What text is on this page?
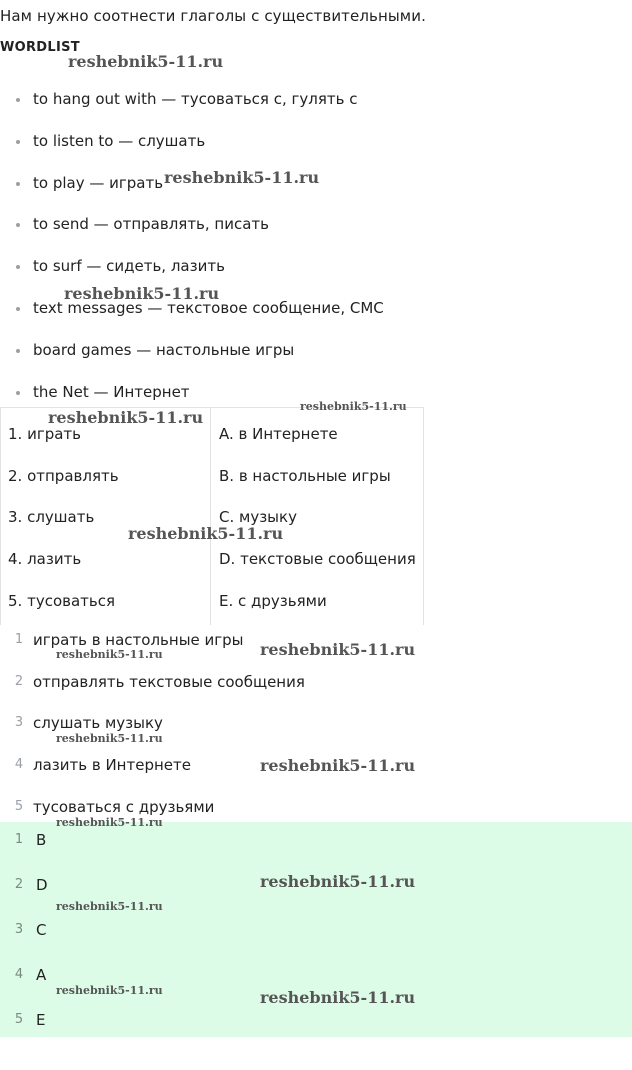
Нам нужно соотнести глаголы с существительными.
WORDLIST
to hang out with — тусоваться с, гулять с
to listen to — слушать
to play — играть
to send — отправлять, писать
to surf — сидеть, лазить
text messages — текстовое сообщение, СМС
board games — настольные игры
the Net — Интернет
1. играть
2. отправлять
3. слушать
4. лазить
5. тусоваться
A. в Интернете
B. в настольные игры
C. музыку
D. текстовые сообщения
E. с друзьями
1 играть в настольные игры
2 отправлять текстовые сообщения
3 слушать музыку
4 лазить в Интернете
5 тусоваться с друзьями
1 B
2 D
3 C
4 A
5 E
reshebnik5-11.ru
reshebnik5-11.ru
reshebnik5-11.ru
reshebnik5-11.ru
reshebnik5-11.ru
reshebnik5-11.ru
reshebnik5-11.ru	reshebnik5-11.ru
reshebnik5-11.ru
reshebnik5-11.ru
reshebnik5-11.ru
reshebnik5-11.ru
reshebnik5-11.ru
reshebnik5-11.ru	reshebnik5-11.ru
